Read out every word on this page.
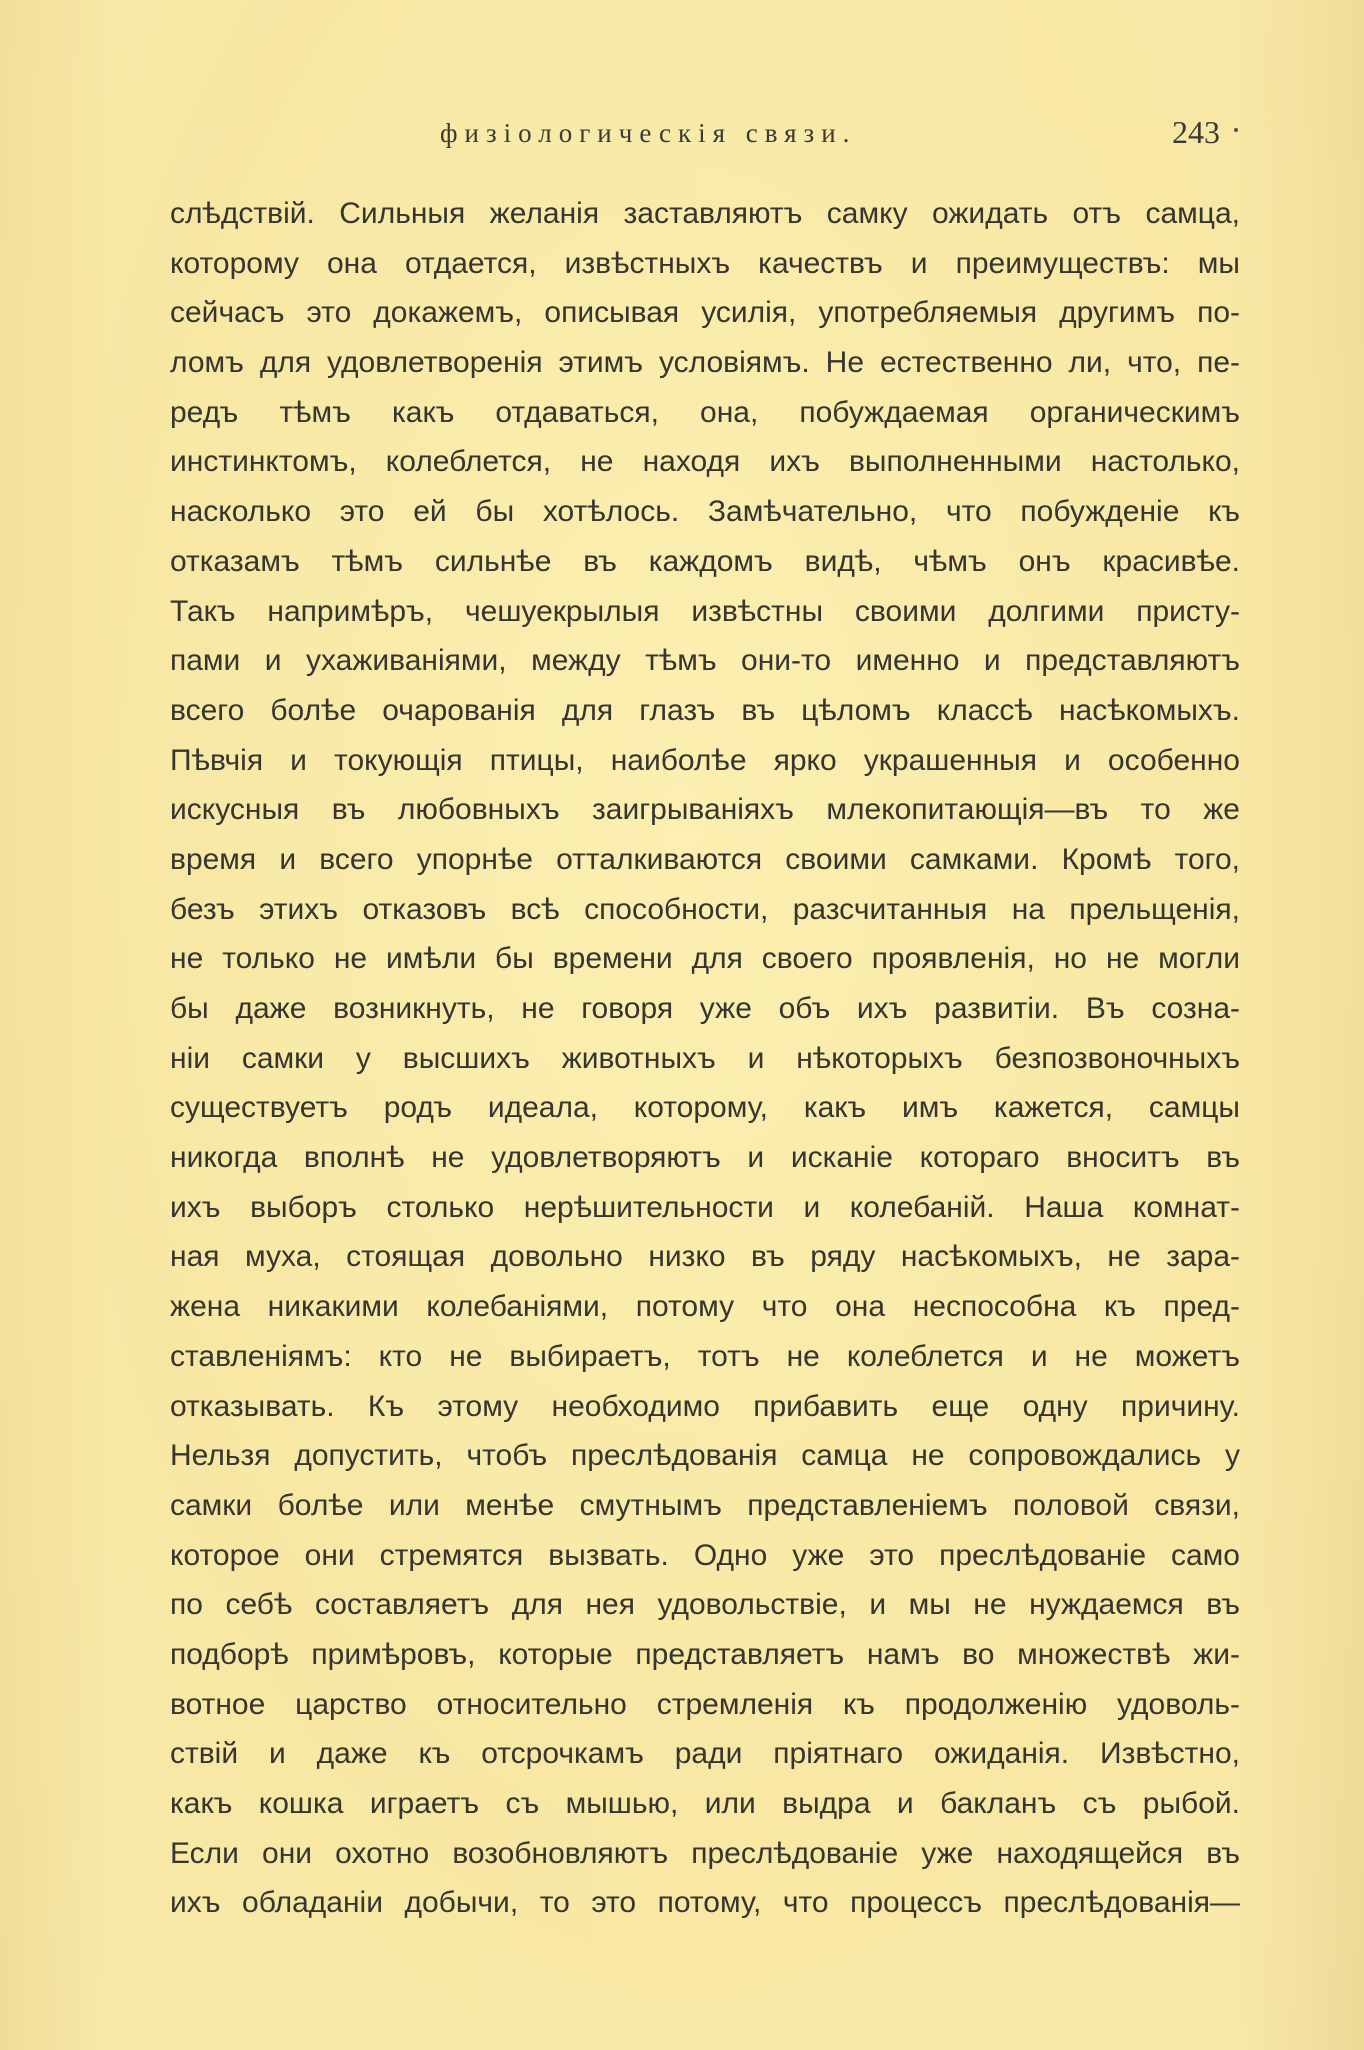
физiологическiя связи.	243
слѣдствiй. Сильныя желанiя заставляютъ самку ожидать отъ самца,
которому она отдается, извѣстныхъ качествъ и преимуществъ: мы
сейчасъ это докажемъ, описывая усилiя, употребляемыя другимъ по-
ломъ для удовлетворенiя этимъ условiямъ. Не естественно ли, что, пе-
редъ тѣмъ какъ отдаваться, она, побуждаемая органическимъ
инстинктомъ, колеблется, не находя ихъ выполненными настолько,
насколько это ей бы хотѣлось. Замѣчательно, что побужденiе къ
отказамъ тѣмъ сильнѣе въ каждомъ видѣ, чѣмъ онъ красивѣе.
Такъ напримѣръ, чешуекрылыя извѣстны своими долгими присту-
пами и ухаживанiями, между тѣмъ они-то именно и представляютъ
всего болѣе очарованiя для глазъ въ цѣломъ классѣ насѣкомыхъ.
Пѣвчiя и токующiя птицы, наиболѣе ярко украшенныя и особенно
искусныя въ любовныхъ заигрыванiяхъ млекопитающiя—въ то же
время и всего упорнѣе отталкиваются своими самками. Кромѣ того,
безъ этихъ отказовъ всѣ способности, разсчитанныя на прельщенiя,
не только не имѣли бы времени для своего проявленiя, но не могли
бы даже возникнуть, не говоря уже объ ихъ развитiи. Въ созна-
нiи самки у высшихъ животныхъ и нѣкоторыхъ безпозвоночныхъ
существуетъ родъ идеала, которому, какъ имъ кажется, самцы
никогда вполнѣ не удовлетворяютъ и исканiе котораго вноситъ въ
ихъ выборъ столько нерѣшительности и колебанiй. Наша комнат-
ная муха, стоящая довольно низко въ ряду насѣкомыхъ, не зара-
жена никакими колебанiями, потому что она неспособна къ пред-
ставленiямъ: кто не выбираетъ, тотъ не колеблется и не можетъ
отказывать. Къ этому необходимо прибавить еще одну причину.
Нельзя допустить, чтобъ преслѣдованiя самца не сопровождались у
самки болѣе или менѣе смутнымъ представленiемъ половой связи,
которое они стремятся вызвать. Одно уже это преслѣдованiе само
по себѣ составляетъ для нея удовольствiе, и мы не нуждаемся въ
подборѣ примѣровъ, которые представляетъ намъ во множествѣ жи-
вотное царство относительно стремленiя къ продолженiю удоволь-
ствiй и даже къ отсрочкамъ ради прiятнаго ожиданiя. Извѣстно,
какъ кошка играетъ съ мышью, или выдра и бакланъ съ рыбой.
Если они охотно возобновляютъ преслѣдованiе уже находящейся въ
ихъ обладанiи добычи, то это потому, что процессъ преслѣдованiя—
